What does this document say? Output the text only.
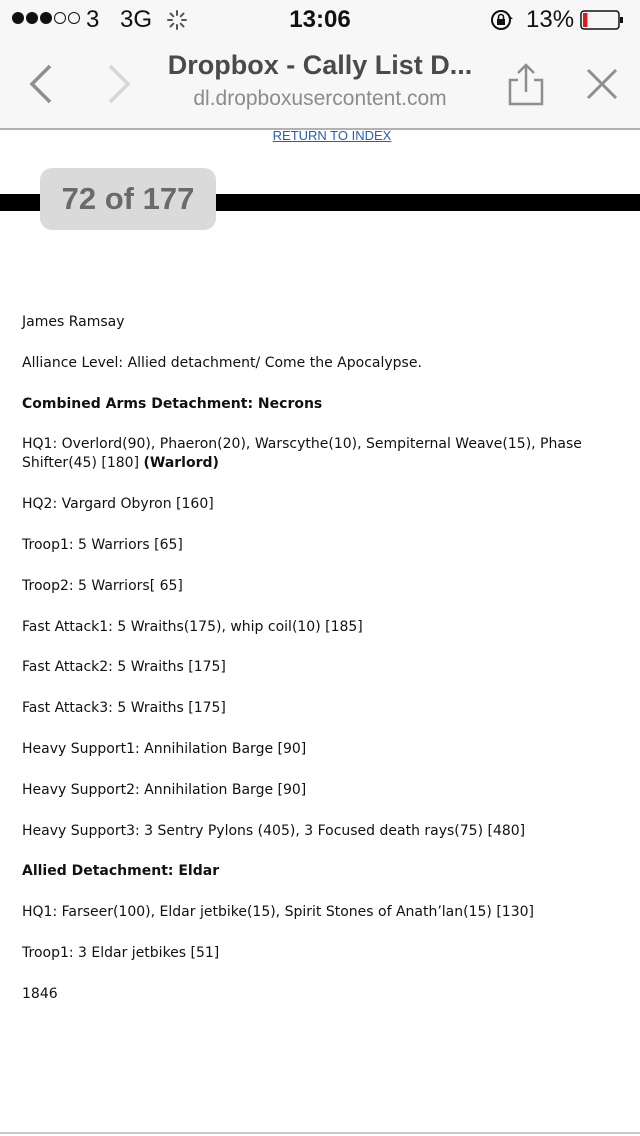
3 3G	13:06	13%
Dropbox - Cally List D...
dl.dropboxusercontent.com
RETURN TO INDEX
72 of 177

James Ramsay

Alliance Level: Allied detachment/ Come the Apocalypse.

Combined Arms Detachment: Necrons

HQ1: Overlord(90), Phaeron(20), Warscythe(10), Sempiternal Weave(15), Phase Shifter(45) [180] (Warlord)

HQ2: Vargard Obyron [160]

Troop1: 5 Warriors [65]

Troop2: 5 Warriors[ 65]

Fast Attack1: 5 Wraiths(175), whip coil(10) [185]

Fast Attack2: 5 Wraiths [175]

Fast Attack3: 5 Wraiths [175]

Heavy Support1: Annihilation Barge [90]

Heavy Support2: Annihilation Barge [90]

Heavy Support3: 3 Sentry Pylons (405), 3 Focused death rays(75) [480]

Allied Detachment: Eldar

HQ1: Farseer(100), Eldar jetbike(15), Spirit Stones of Anath’lan(15) [130]

Troop1: 3 Eldar jetbikes [51]

1846
